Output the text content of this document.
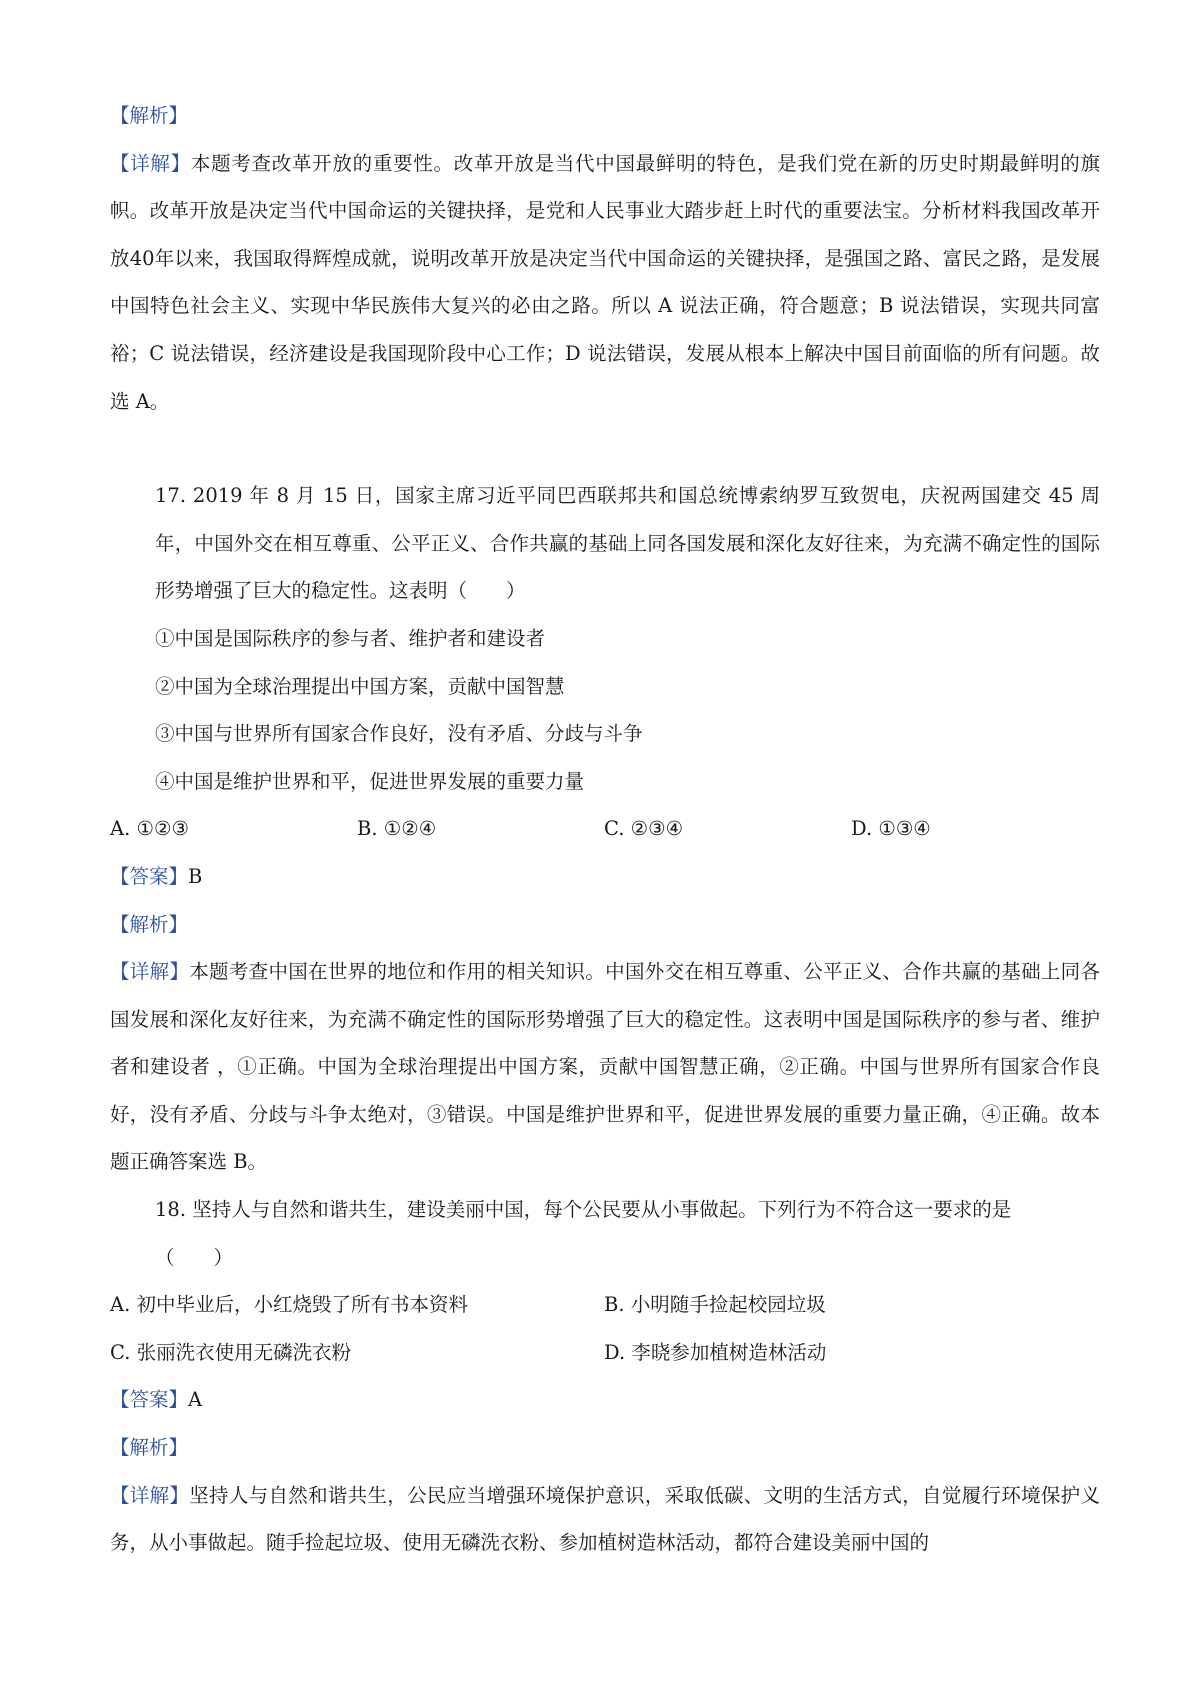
【解析】

【详解】本题考查改革开放的重要性。改革开放是当代中国最鲜明的特色，是我们党在新的历史时期最鲜明的旗帜。改革开放是决定当代中国命运的关键抉择，是党和人民事业大踏步赶上时代的重要法宝。分析材料我国改革开放40年以来，我国取得辉煌成就，说明改革开放是决定当代中国命运的关键抉择，是强国之路、富民之路，是发展中国特色社会主义、实现中华民族伟大复兴的必由之路。所以 A 说法正确，符合题意；B 说法错误，实现共同富裕；C 说法错误，经济建设是我国现阶段中心工作；D 说法错误，发展从根本上解决中国目前面临的所有问题。故选 A。

17. 2019 年 8 月 15 日，国家主席习近平同巴西联邦共和国总统博索纳罗互致贺电，庆祝两国建交 45 周年，中国外交在相互尊重、公平正义、合作共赢的基础上同各国发展和深化友好往来，为充满不确定性的国际形势增强了巨大的稳定性。这表明（　　）

①中国是国际秩序的参与者、维护者和建设者

②中国为全球治理提出中国方案，贡献中国智慧

③中国与世界所有国家合作良好，没有矛盾、分歧与斗争

④中国是维护世界和平，促进世界发展的重要力量

A. ①②③	B. ①②④	C. ②③④	D. ①③④

【答案】B

【解析】

【详解】本题考查中国在世界的地位和作用的相关知识。中国外交在相互尊重、公平正义、合作共赢的基础上同各国发展和深化友好往来，为充满不确定性的国际形势增强了巨大的稳定性。这表明中国是国际秩序的参与者、维护者和建设者 ，①正确。中国为全球治理提出中国方案，贡献中国智慧正确，②正确。中国与世界所有国家合作良好，没有矛盾、分歧与斗争太绝对，③错误。中国是维护世界和平，促进世界发展的重要力量正确，④正确。故本题正确答案选 B。

18. 坚持人与自然和谐共生，建设美丽中国，每个公民要从小事做起。下列行为不符合这一要求的是

（　　）

A. 初中毕业后，小红烧毁了所有书本资料	B. 小明随手捡起校园垃圾
C. 张丽洗衣使用无磷洗衣粉	D. 李晓参加植树造林活动

【答案】A

【解析】

【详解】坚持人与自然和谐共生，公民应当增强环境保护意识，采取低碳、文明的生活方式，自觉履行环境保护义务，从小事做起。随手捡起垃圾、使用无磷洗衣粉、参加植树造林活动，都符合建设美丽中国的
